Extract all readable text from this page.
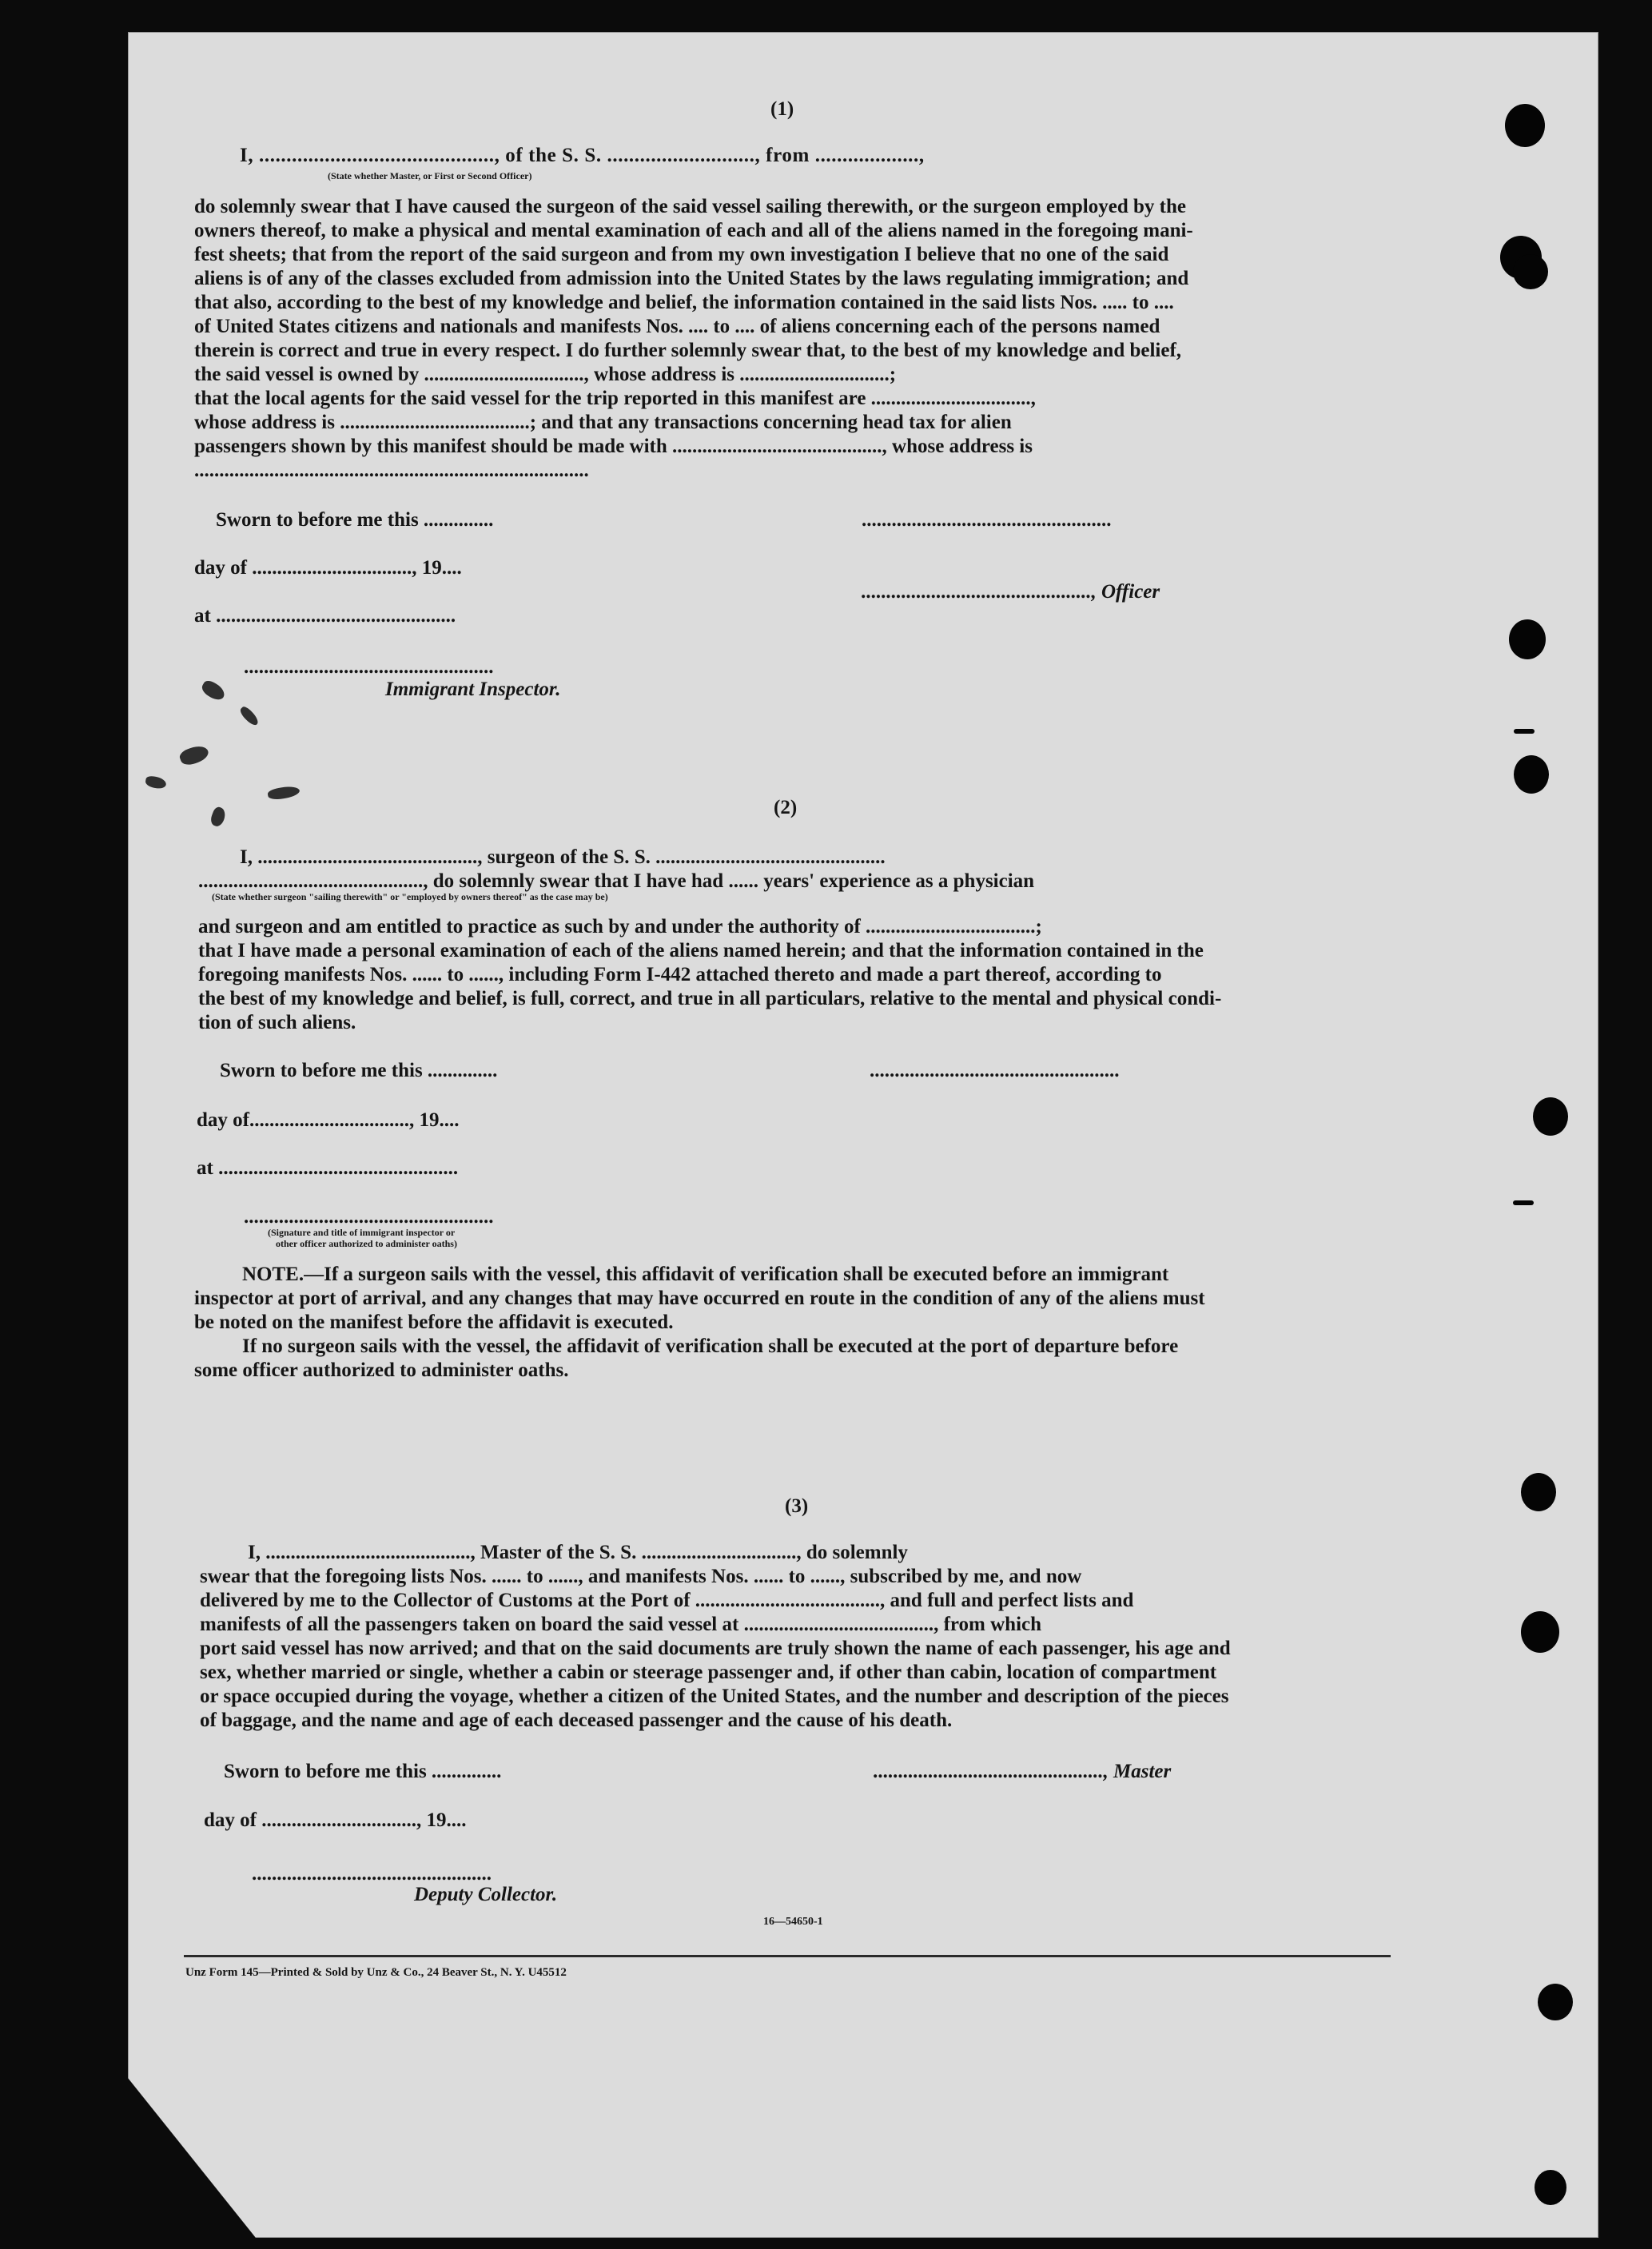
(1)
I, ..........................................., of the S. S. ..........................., from ...................,
(State whether Master, or First or Second Officer)
do solemnly swear that I have caused the surgeon of the said vessel sailing therewith, or the surgeon employed by the
owners thereof, to make a physical and mental examination of each and all of the aliens named in the foregoing mani-
fest sheets; that from the report of the said surgeon and from my own investigation I believe that no one of the said
aliens is of any of the classes excluded from admission into the United States by the laws regulating immigration; and
that also, according to the best of my knowledge and belief, the information contained in the said lists Nos. ..... to ....
of United States citizens and nationals and manifests Nos. .... to .... of aliens concerning each of the persons named
therein is correct and true in every respect. I do further solemnly swear that, to the best of my knowledge and belief,
the said vessel is owned by ................................, whose address is ..............................;
that the local agents for the said vessel for the trip reported in this manifest are ................................,
whose address is ......................................; and that any transactions concerning head tax for alien
passengers shown by this manifest should be made with .........................................., whose address is
...............................................................................
Sworn to before me this ..............	..................................................
day of ................................, 19....
.............................................., Officer
at ................................................
..................................................
Immigrant Inspector.
(2)
I, ............................................, surgeon of the S. S. ..............................................
............................................., do solemnly swear that I have had ...... years' experience as a physician
(State whether surgeon "sailing therewith" or "employed by owners thereof" as the case may be)
and surgeon and am entitled to practice as such by and under the authority of ..................................;
that I have made a personal examination of each of the aliens named herein; and that the information contained in the
foregoing manifests Nos. ...... to ......, including Form I-442 attached thereto and made a part thereof, according to
the best of my knowledge and belief, is full, correct, and true in all particulars, relative to the mental and physical condi-
tion of such aliens.
Sworn to before me this ..............	..................................................
day of................................, 19....
at ................................................
..................................................
(Signature and title of immigrant inspector or
other officer authorized to administer oaths)
NOTE.—If a surgeon sails with the vessel, this affidavit of verification shall be executed before an immigrant
inspector at port of arrival, and any changes that may have occurred en route in the condition of any of the aliens must
be noted on the manifest before the affidavit is executed.
If no surgeon sails with the vessel, the affidavit of verification shall be executed at the port of departure before
some officer authorized to administer oaths.
(3)
I, ........................................., Master of the S. S. ..............................., do solemnly
swear that the foregoing lists Nos. ...... to ......, and manifests Nos. ...... to ......, subscribed by me, and now
delivered by me to the Collector of Customs at the Port of ....................................., and full and perfect lists and
manifests of all the passengers taken on board the said vessel at ......................................, from which
port said vessel has now arrived; and that on the said documents are truly shown the name of each passenger, his age and
sex, whether married or single, whether a cabin or steerage passenger and, if other than cabin, location of compartment
or space occupied during the voyage, whether a citizen of the United States, and the number and description of the pieces
of baggage, and the name and age of each deceased passenger and the cause of his death.
Sworn to before me this ..............	.............................................., Master
day of ..............................., 19....
................................................
Deputy Collector.
16—54650-1
Unz Form 145—Printed & Sold by Unz & Co., 24 Beaver St., N. Y. U45512
